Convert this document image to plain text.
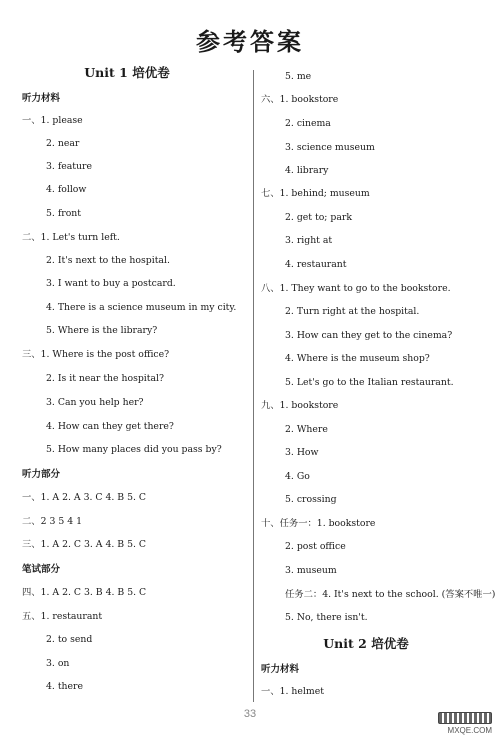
参考答案
Unit 1 培优卷
听力材料
一、1. please
2. near
3. feature
4. follow
5. front
二、1. Let's turn left.
2. It's next to the hospital.
3. I want to buy a postcard.
4. There is a science museum in my city.
5. Where is the library?
三、1. Where is the post office?
2. Is it near the hospital?
3. Can you help her?
4. How can they get there?
5. How many places did you pass by?
听力部分
一、1. A 2. A 3. C 4. B 5. C
二、2 3 5 4 1
三、1. A 2. C 3. A 4. B 5. C
笔试部分
四、1. A 2. C 3. B 4. B 5. C
五、1. restaurant
2. to send
3. on
4. there
5. me
六、1. bookstore
2. cinema
3. science museum
4. library
七、1. behind; museum
2. get to; park
3. right at
4. restaurant
八、1. They want to go to the bookstore.
2. Turn right at the hospital.
3. How can they get to the cinema?
4. Where is the museum shop?
5. Let's go to the Italian restaurant.
九、1. bookstore
2. Where
3. How
4. Go
5. crossing
十、任务一：1. bookstore
2. post office
3. museum
任务二：4. It's next to the school. (答案不唯一)
5. No, there isn't.
Unit 2 培优卷
听力材料
一、1. helmet
33
MXQE.COM
